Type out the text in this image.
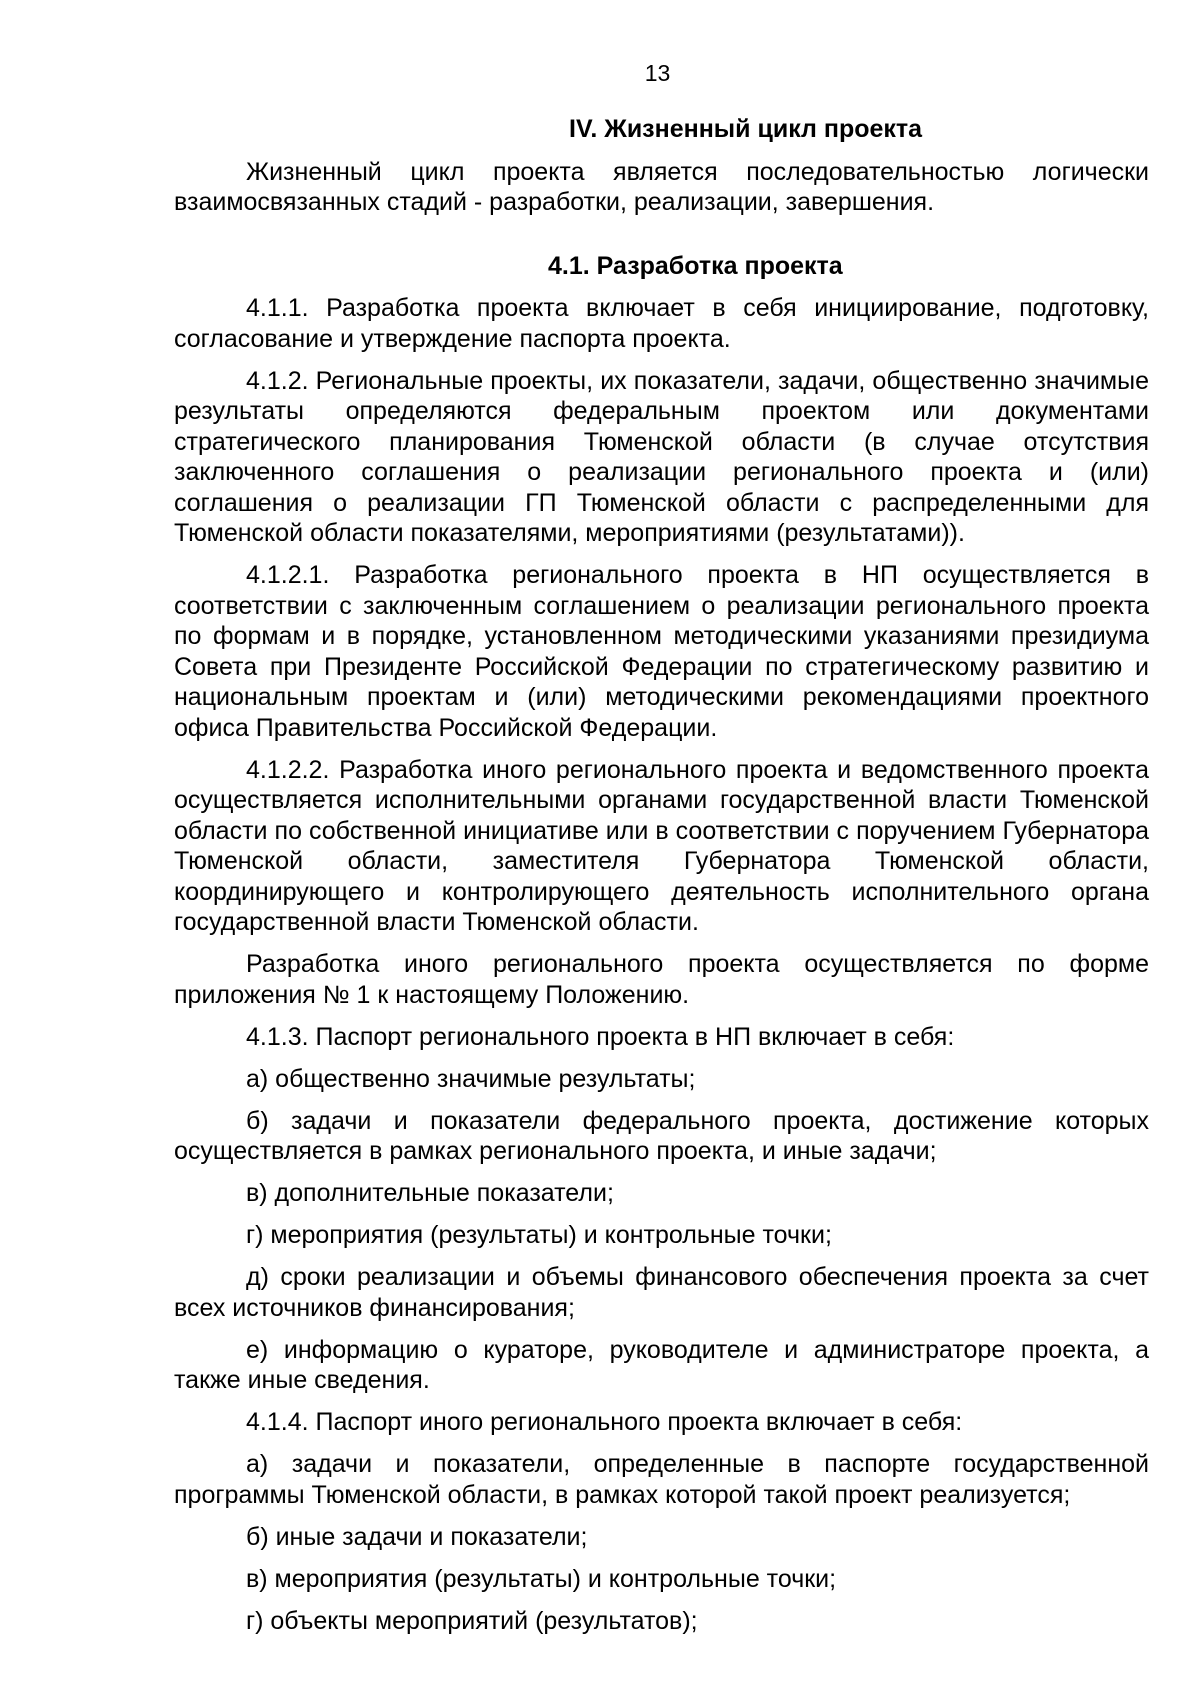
13

IV. Жизненный цикл проекта

Жизненный цикл проекта является последовательностью логически взаимосвязанных стадий - разработки, реализации, завершения.

4.1. Разработка проекта

4.1.1. Разработка проекта включает в себя инициирование, подготовку, согласование и утверждение паспорта проекта.

4.1.2. Региональные проекты, их показатели, задачи, общественно значимые результаты определяются федеральным проектом или документами стратегического планирования Тюменской области (в случае отсутствия заключенного соглашения о реализации регионального проекта и (или) соглашения о реализации ГП Тюменской области с распределенными для Тюменской области показателями, мероприятиями (результатами)).

4.1.2.1. Разработка регионального проекта в НП осуществляется в соответствии с заключенным соглашением о реализации регионального проекта по формам и в порядке, установленном методическими указаниями президиума Совета при Президенте Российской Федерации по стратегическому развитию и национальным проектам и (или) методическими рекомендациями проектного офиса Правительства Российской Федерации.

4.1.2.2. Разработка иного регионального проекта и ведомственного проекта осуществляется исполнительными органами государственной власти Тюменской области по собственной инициативе или в соответствии с поручением Губернатора Тюменской области, заместителя Губернатора Тюменской области, координирующего и контролирующего деятельность исполнительного органа государственной власти Тюменской области.

Разработка иного регионального проекта осуществляется по форме приложения № 1 к настоящему Положению.

4.1.3. Паспорт регионального проекта в НП включает в себя:

а) общественно значимые результаты;

б) задачи и показатели федерального проекта, достижение которых осуществляется в рамках регионального проекта, и иные задачи;

в) дополнительные показатели;

г) мероприятия (результаты) и контрольные точки;

д) сроки реализации и объемы финансового обеспечения проекта за счет всех источников финансирования;

е) информацию о кураторе, руководителе и администраторе проекта, а также иные сведения.

4.1.4. Паспорт иного регионального проекта включает в себя:

а) задачи и показатели, определенные в паспорте государственной программы Тюменской области, в рамках которой такой проект реализуется;

б) иные задачи и показатели;

в) мероприятия (результаты) и контрольные точки;

г) объекты мероприятий (результатов);
